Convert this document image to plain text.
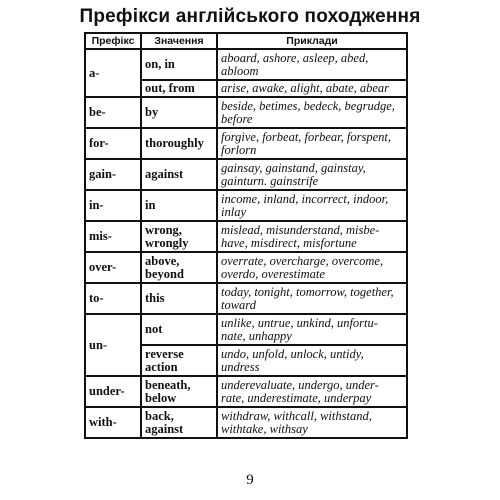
Префікси англійського походження
Префікс	Значення	Приклади
a-	on, in	aboard, ashore, asleep, abed, abloom
	out, from	arise, awake, alight, abate, abear
be-	by	beside, betimes, bedeck, begrudge, before
for-	thoroughly	forgive, forbeat, forbear, forspent, forlorn
gain-	against	gainsay, gainstand, gainstay, gainturn. gainstrife
in-	in	income, inland, incorrect, indoor, inlay
mis-	wrong, wrongly	mislead, misunderstand, misbe- have, misdirect, misfortune
over-	above, beyond	overrate, overcharge, overcome, overdo, overestimate
to-	this	today, tonight, tomorrow, together, toward
un-	not	unlike, untrue, unkind, unfortu- nate, unhappy
	reverse action	undo, unfold, unlock, untidy, undress
under-	beneath, below	underevaluate, undergo, under- rate, underestimate, underpay
with-	back, against	withdraw, withcall, withstand, withtake, withsay
9
